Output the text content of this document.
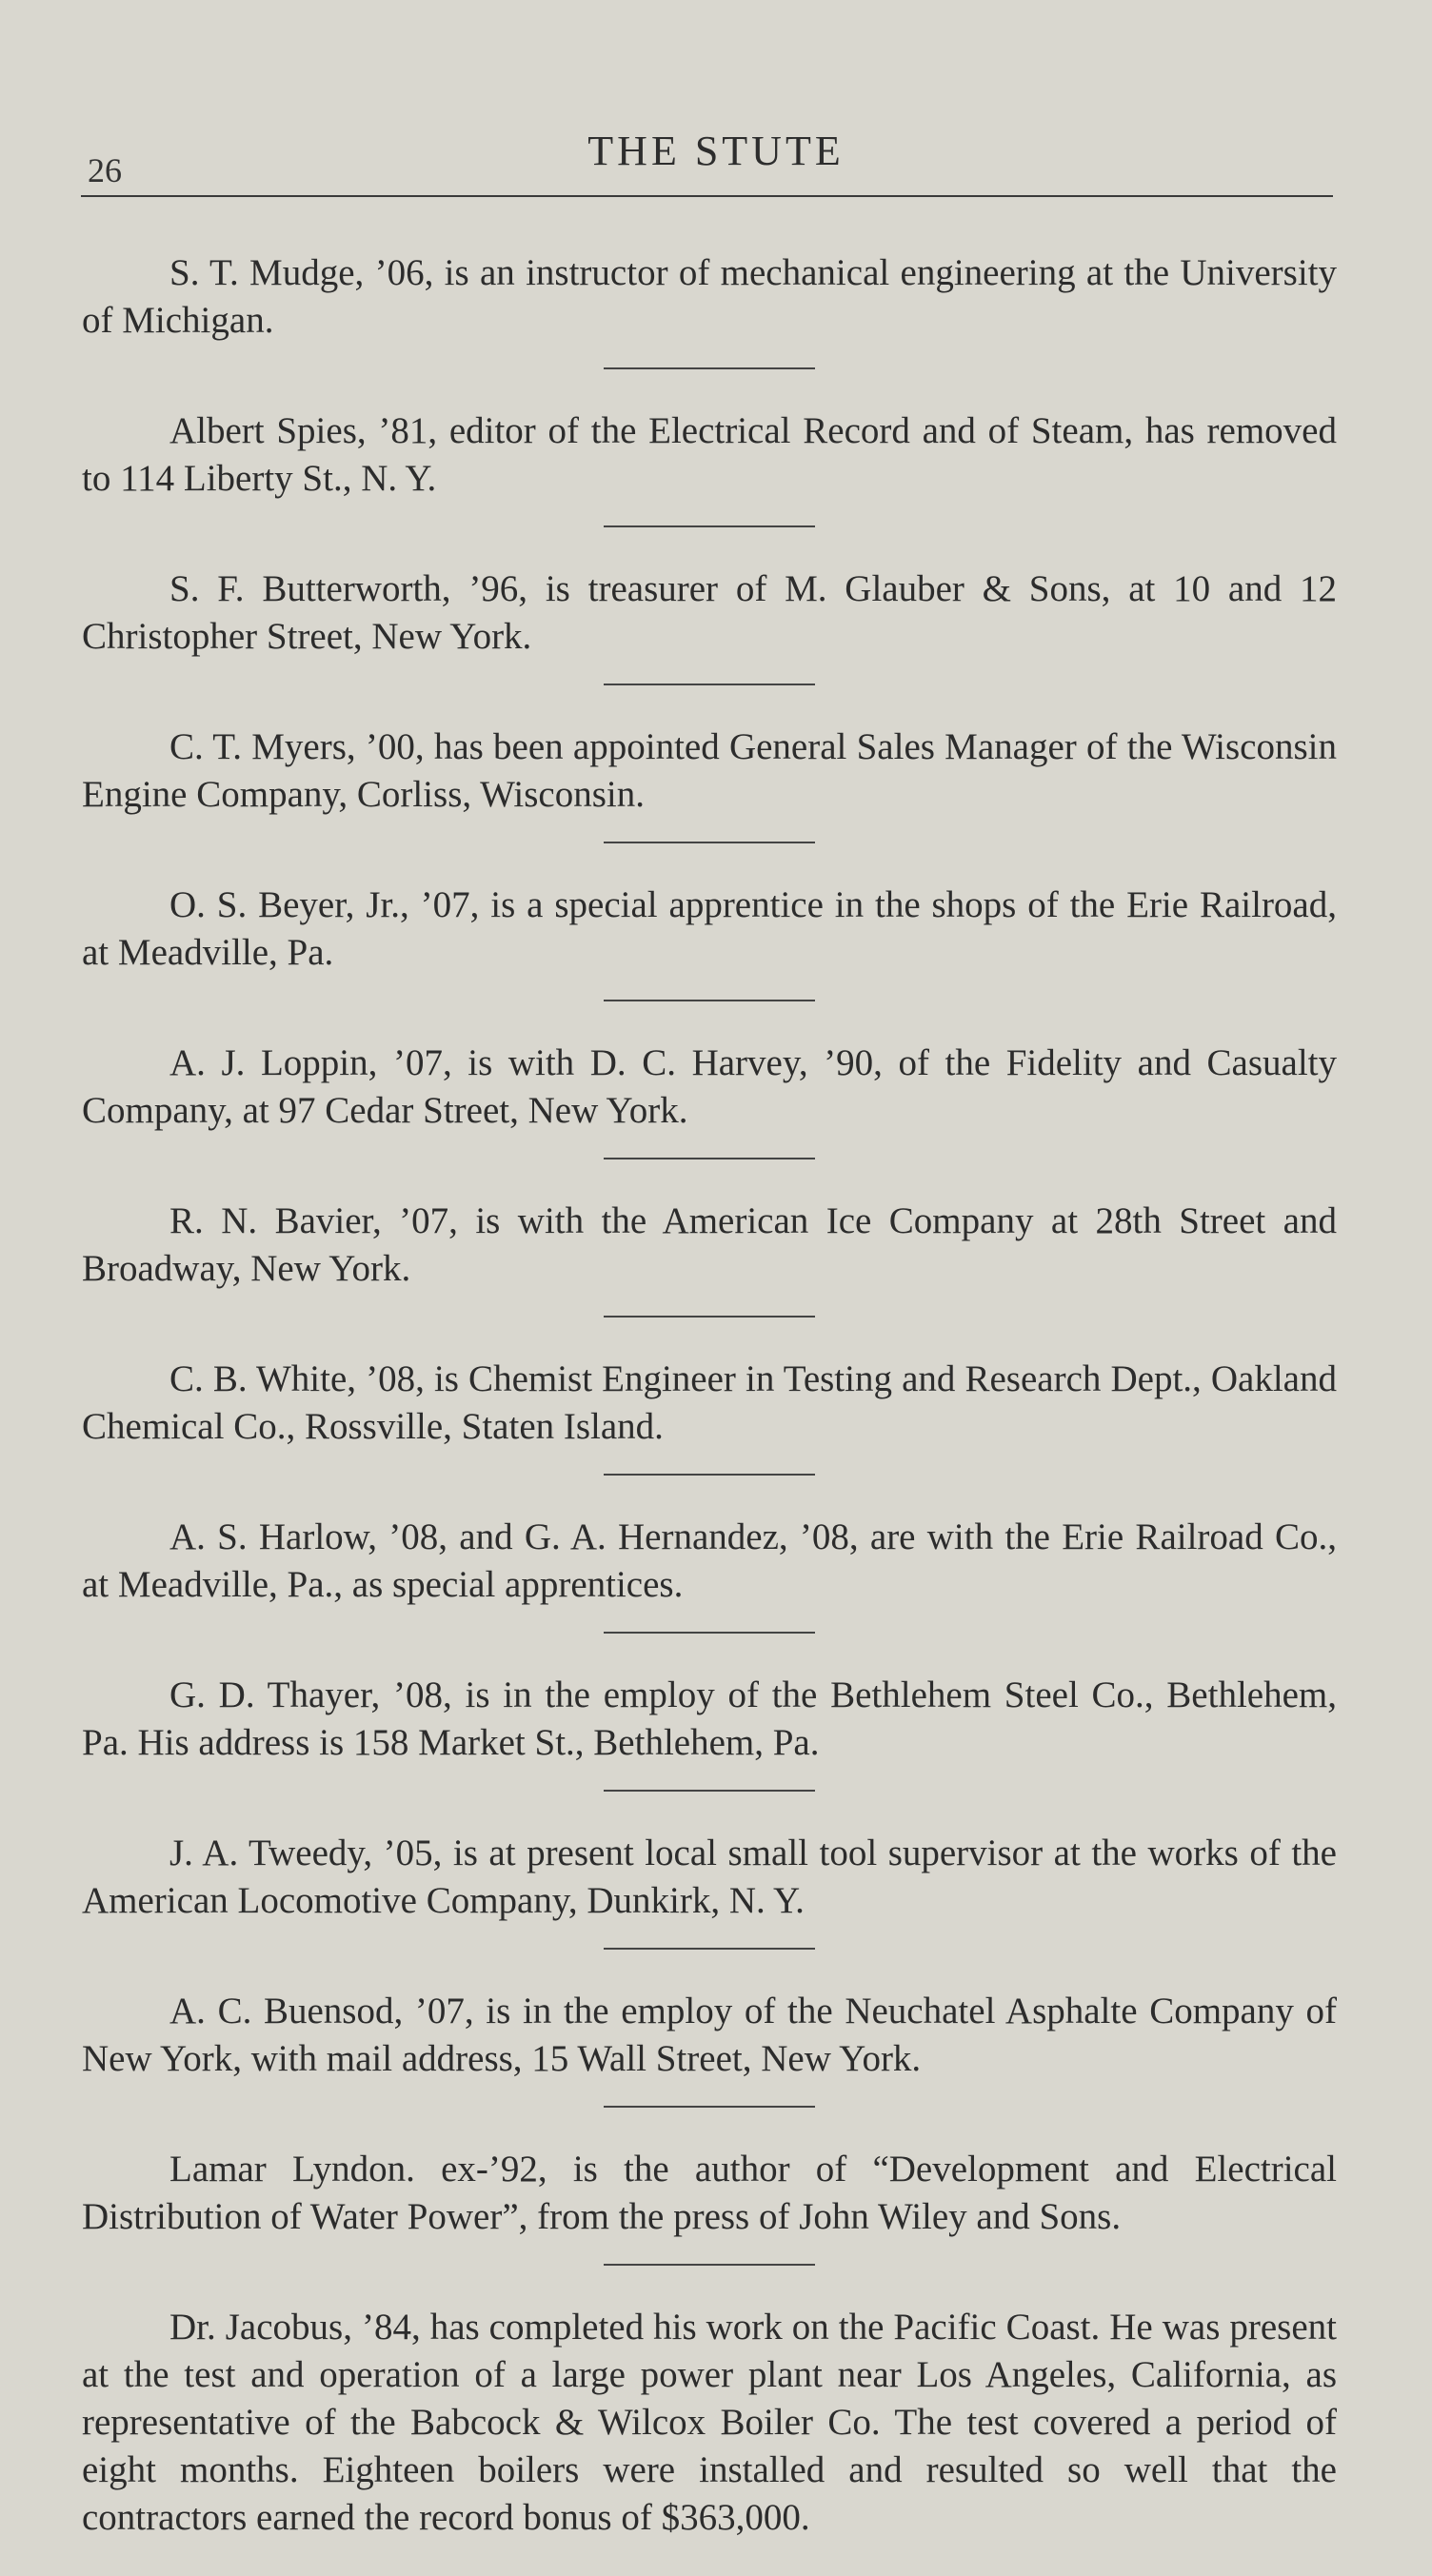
26	THE STUTE

S. T. Mudge, ’06, is an instructor of mechanical engineering at the University of Michigan.

Albert Spies, ’81, editor of the Electrical Record and of Steam, has removed to 114 Liberty St., N. Y.

S. F. Butterworth, ’96, is treasurer of M. Glauber & Sons, at 10 and 12 Christopher Street, New York.

C. T. Myers, ’00, has been appointed General Sales Manager of the Wisconsin Engine Company, Corliss, Wisconsin.

O. S. Beyer, Jr., ’07, is a special apprentice in the shops of the Erie Railroad, at Meadville, Pa.

A. J. Loppin, ’07, is with D. C. Harvey, ’90, of the Fidelity and Casualty Company, at 97 Cedar Street, New York.

R. N. Bavier, ’07, is with the American Ice Company at 28th Street and Broadway, New York.

C. B. White, ’08, is Chemist Engineer in Testing and Research Dept., Oakland Chemical Co., Rossville, Staten Island.

A. S. Harlow, ’08, and G. A. Hernandez, ’08, are with the Erie Railroad Co., at Meadville, Pa., as special apprentices.

G. D. Thayer, ’08, is in the employ of the Bethlehem Steel Co., Bethlehem, Pa. His address is 158 Market St., Bethlehem, Pa.

J. A. Tweedy, ’05, is at present local small tool supervisor at the works of the American Locomotive Company, Dunkirk, N. Y.

A. C. Buensod, ’07, is in the employ of the Neuchatel Asphalte Company of New York, with mail address, 15 Wall Street, New York.

Lamar Lyndon. ex-’92, is the author of “Development and Electrical Distribution of Water Power”, from the press of John Wiley and Sons.

Dr. Jacobus, ’84, has completed his work on the Pacific Coast. He was present at the test and operation of a large power plant near Los Angeles, California, as representative of the Babcock & Wilcox Boiler Co. The test covered a period of eight months. Eighteen boilers were installed and resulted so well that the contractors earned the record bonus of $363,000.
